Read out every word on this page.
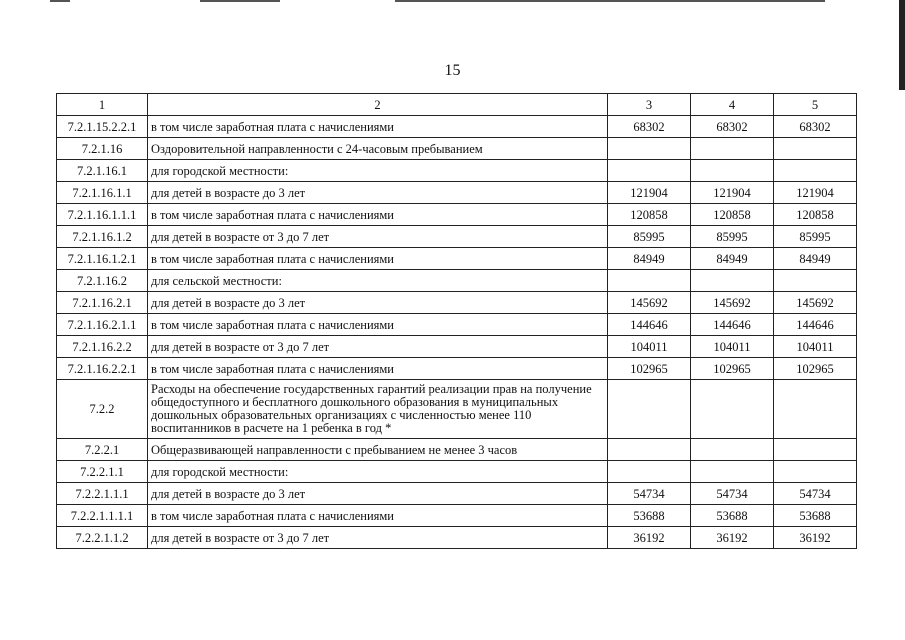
15
1	2	3	4	5
7.2.1.15.2.2.1	в том числе заработная плата с начислениями	68302	68302	68302
7.2.1.16	Оздоровительной направленности с 24-часовым пребыванием			
7.2.1.16.1	для городской местности:			
7.2.1.16.1.1	для детей в возрасте до 3 лет	121904	121904	121904
7.2.1.16.1.1.1	в том числе заработная плата с начислениями	120858	120858	120858
7.2.1.16.1.2	для детей в возрасте от 3 до 7 лет	85995	85995	85995
7.2.1.16.1.2.1	в том числе заработная плата с начислениями	84949	84949	84949
7.2.1.16.2	для сельской местности:			
7.2.1.16.2.1	для детей в возрасте до 3 лет	145692	145692	145692
7.2.1.16.2.1.1	в том числе заработная плата с начислениями	144646	144646	144646
7.2.1.16.2.2	для детей в возрасте от 3 до 7 лет	104011	104011	104011
7.2.1.16.2.2.1	в том числе заработная плата с начислениями	102965	102965	102965
7.2.2	Расходы на обеспечение государственных гарантий реализации прав на получение общедоступного и бесплатного дошкольного образования в муниципальных дошкольных образовательных организациях с численностью менее 110 воспитанников в расчете на 1 ребенка в год *			
7.2.2.1	Общеразвивающей направленности с пребыванием не менее 3 часов			
7.2.2.1.1	для городской местности:			
7.2.2.1.1.1	для детей в возрасте до 3 лет	54734	54734	54734
7.2.2.1.1.1.1	в том числе заработная плата с начислениями	53688	53688	53688
7.2.2.1.1.2	для детей в возрасте от 3 до 7 лет	36192	36192	36192
